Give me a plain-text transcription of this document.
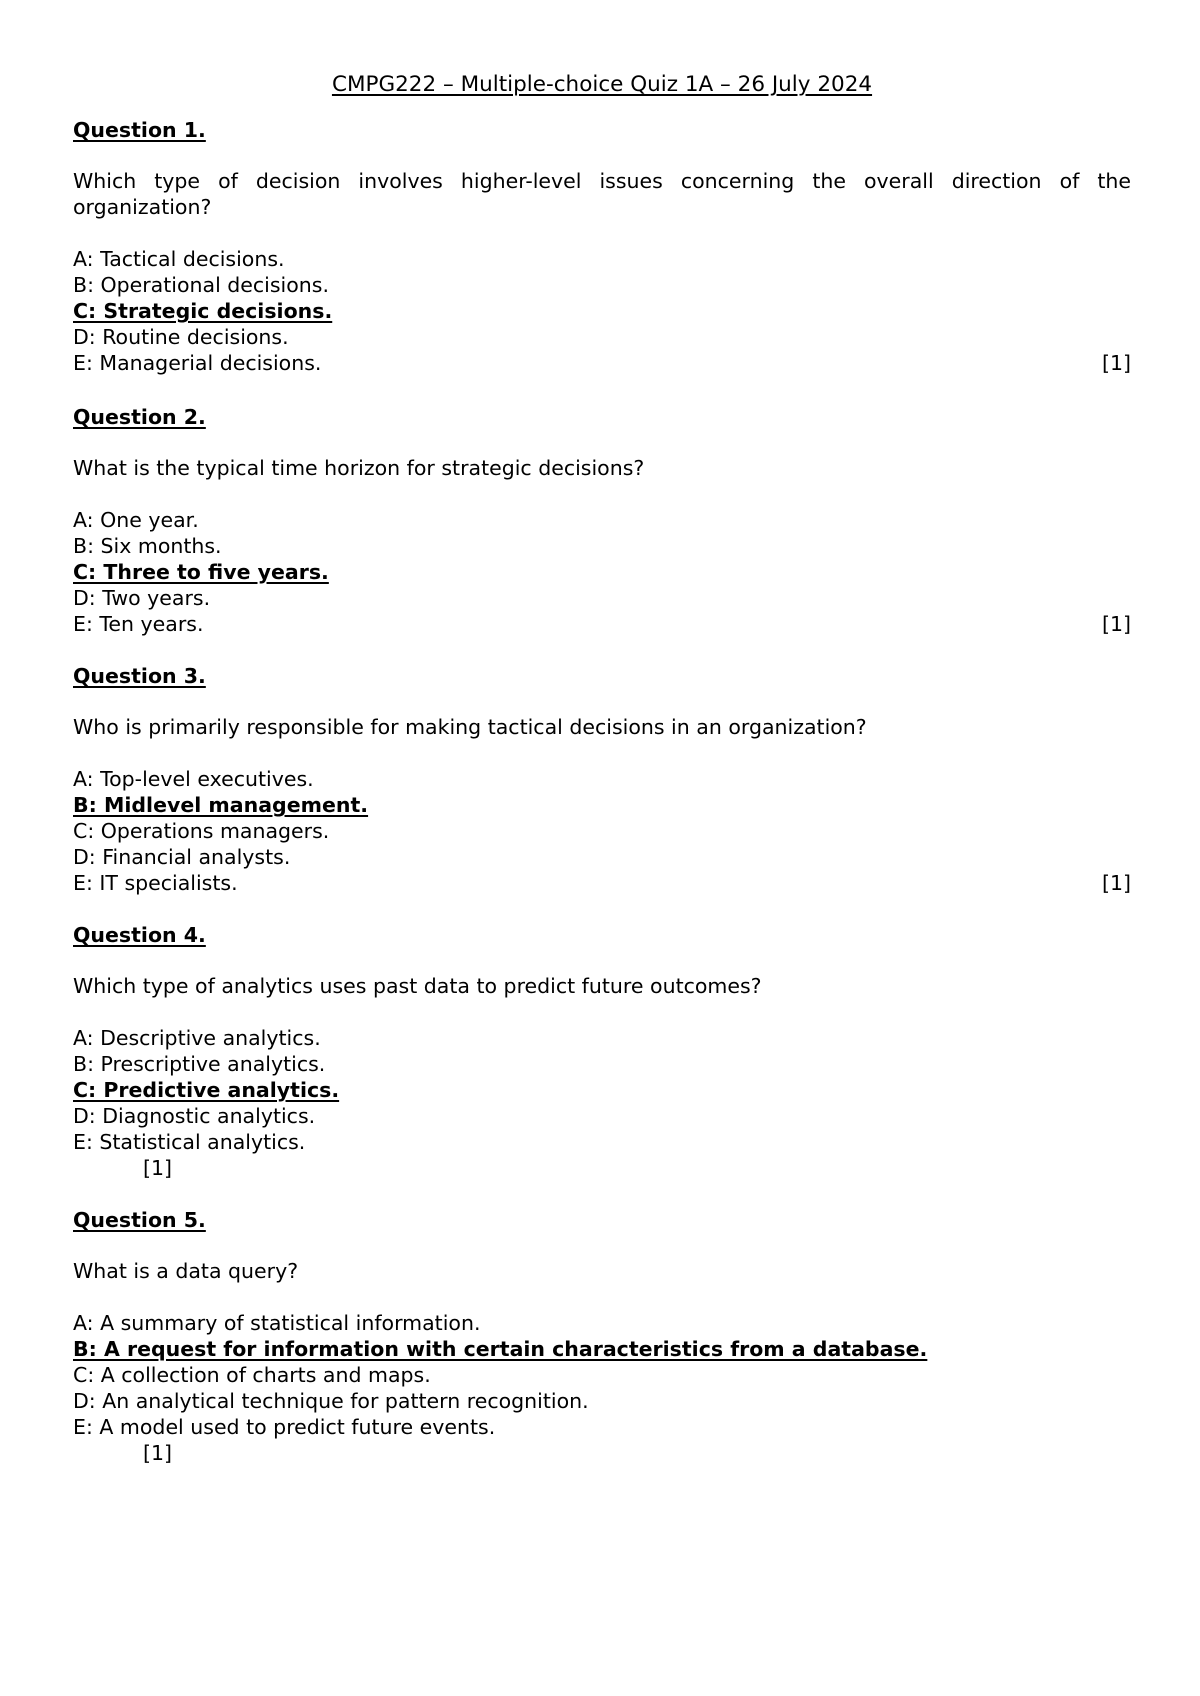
CMPG222 – Multiple-choice Quiz 1A – 26 July 2024
Question 1.
Which type of decision involves higher-level issues concerning the overall direction of the organization?
A: Tactical decisions.
B: Operational decisions.
C: Strategic decisions.
D: Routine decisions.
E: Managerial decisions.	[1]
Question 2.
What is the typical time horizon for strategic decisions?
A: One year.
B: Six months.
C: Three to five years.
D: Two years.
E: Ten years.	[1]
Question 3.
Who is primarily responsible for making tactical decisions in an organization?
A: Top-level executives.
B: Midlevel management.
C: Operations managers.
D: Financial analysts.
E: IT specialists.	[1]
Question 4.
Which type of analytics uses past data to predict future outcomes?
A: Descriptive analytics.
B: Prescriptive analytics.
C: Predictive analytics.
D: Diagnostic analytics.
E: Statistical analytics.
[1]
Question 5.
What is a data query?
A: A summary of statistical information.
B: A request for information with certain characteristics from a database.
C: A collection of charts and maps.
D: An analytical technique for pattern recognition.
E: A model used to predict future events.
[1]
